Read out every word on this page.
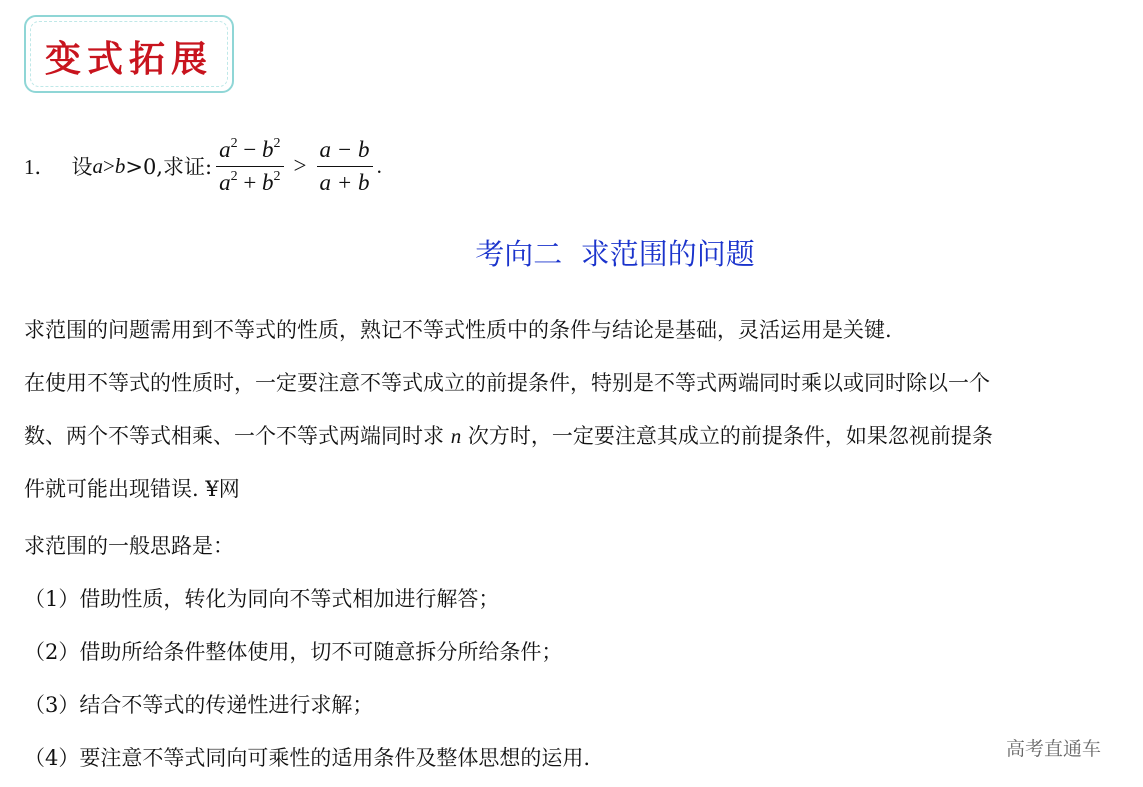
变式拓展
1． 设 a > b >0,求证: $\frac{a^2 - b^2}{a^2 + b^2} > \frac{a - b}{a + b}$ .
考向二  求范围的问题
求范围的问题需用到不等式的性质，熟记不等式性质中的条件与结论是基础，灵活运用是关键.
在使用不等式的性质时，一定要注意不等式成立的前提条件，特别是不等式两端同时乘以或同时除以一个
数、两个不等式相乘、一个不等式两端同时求 n 次方时，一定要注意其成立的前提条件，如果忽视前提条
件就可能出现错误. ¥网
求范围的一般思路是：
（1）借助性质，转化为同向不等式相加进行解答；
（2）借助所给条件整体使用，切不可随意拆分所给条件；
（3）结合不等式的传递性进行求解；
（4）要注意不等式同向可乘性的适用条件及整体思想的运用.	高考直通车
